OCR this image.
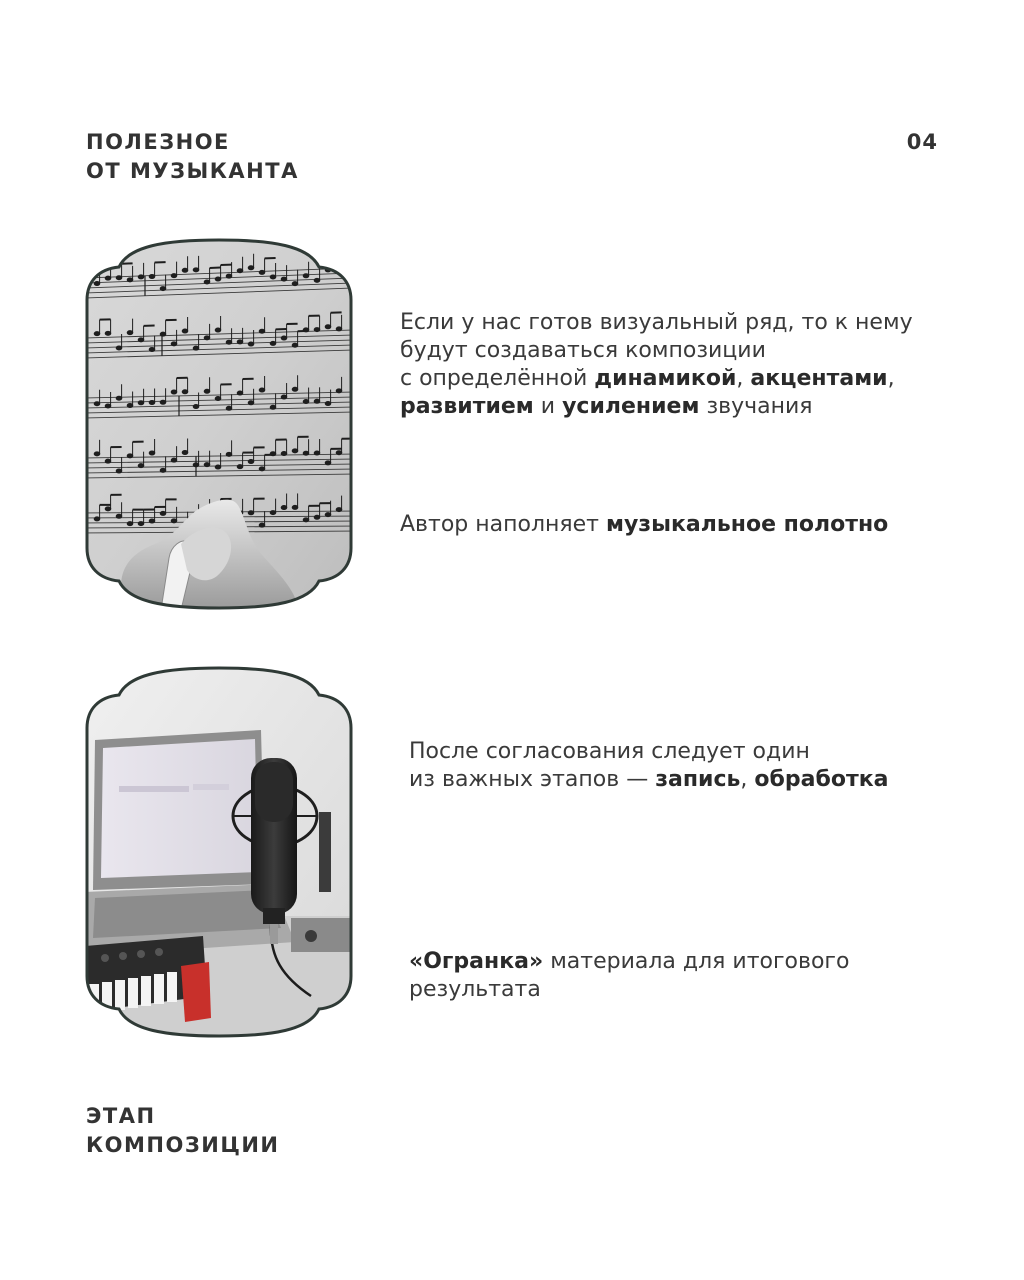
ПОЛЕЗНОЕ
ОТ МУЗЫКАНТА
04
Если у нас готов визуальный ряд, то к нему
будут создаваться композиции
с определённой динамикой, акцентами,
развитием и усилением звучания
Автор наполняет музыкальное полотно
После согласования следует один
из важных этапов — запись, обработка
«Огранка» материала для итогового
результата
ЭТАП
КОМПОЗИЦИИ
